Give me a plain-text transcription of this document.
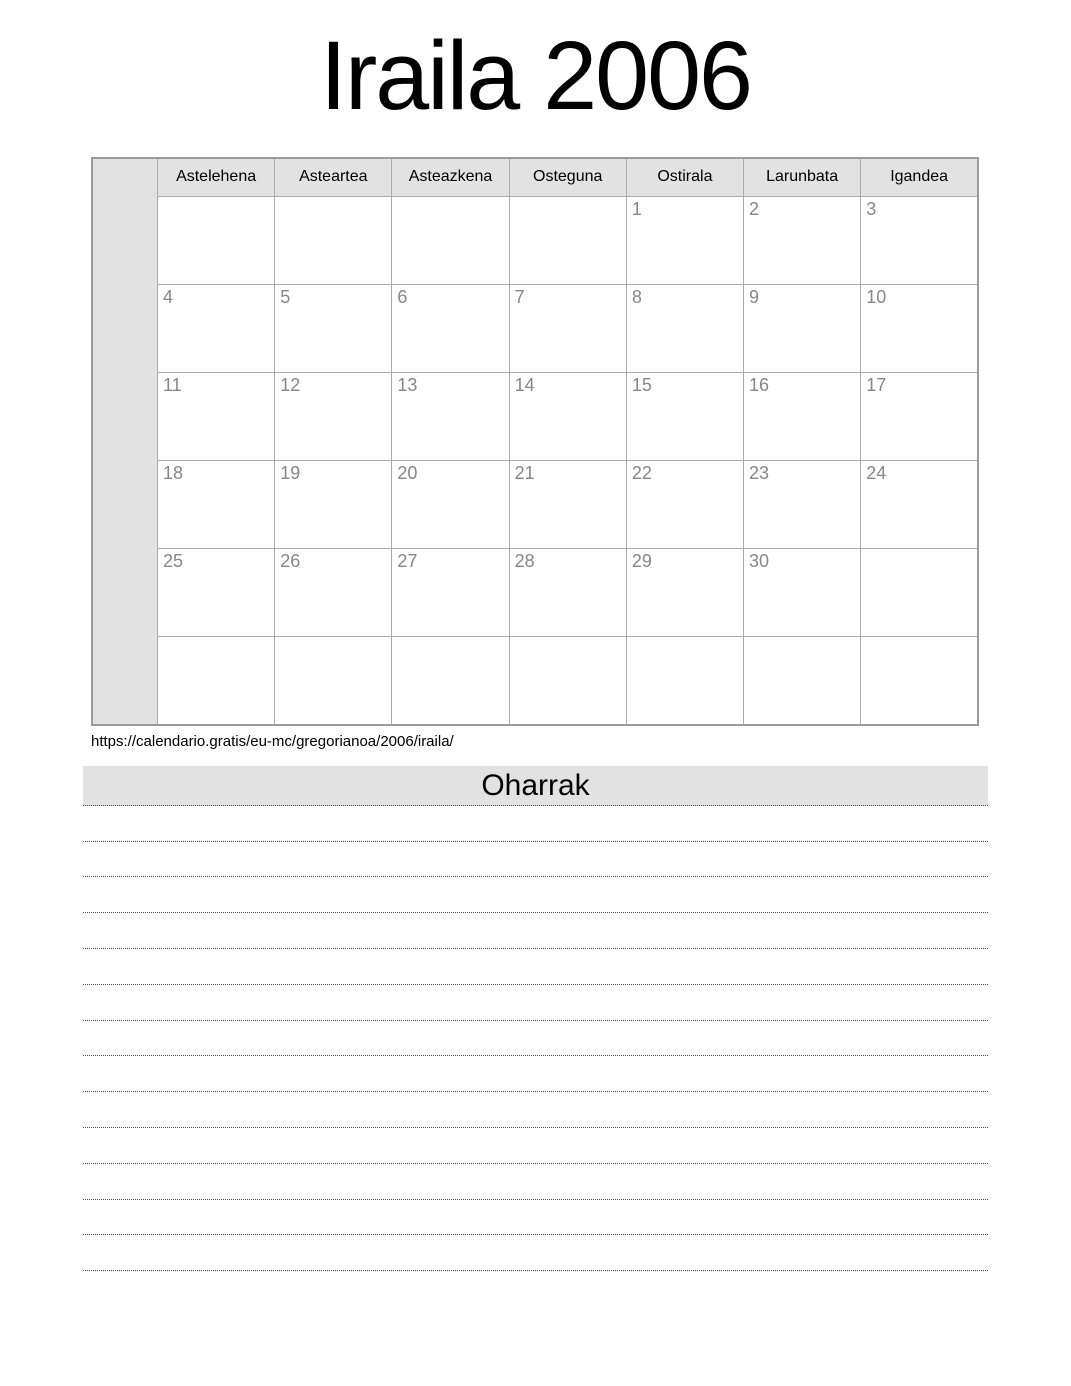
Iraila 2006
	Astelehena	Asteartea	Asteazkena	Osteguna	Ostirala	Larunbata	Igandea
					1	2	3
	4	5	6	7	8	9	10
	11	12	13	14	15	16	17
	18	19	20	21	22	23	24
	25	26	27	28	29	30	

https://calendario.gratis/eu-mc/gregorianoa/2006/iraila/

Oharrak
